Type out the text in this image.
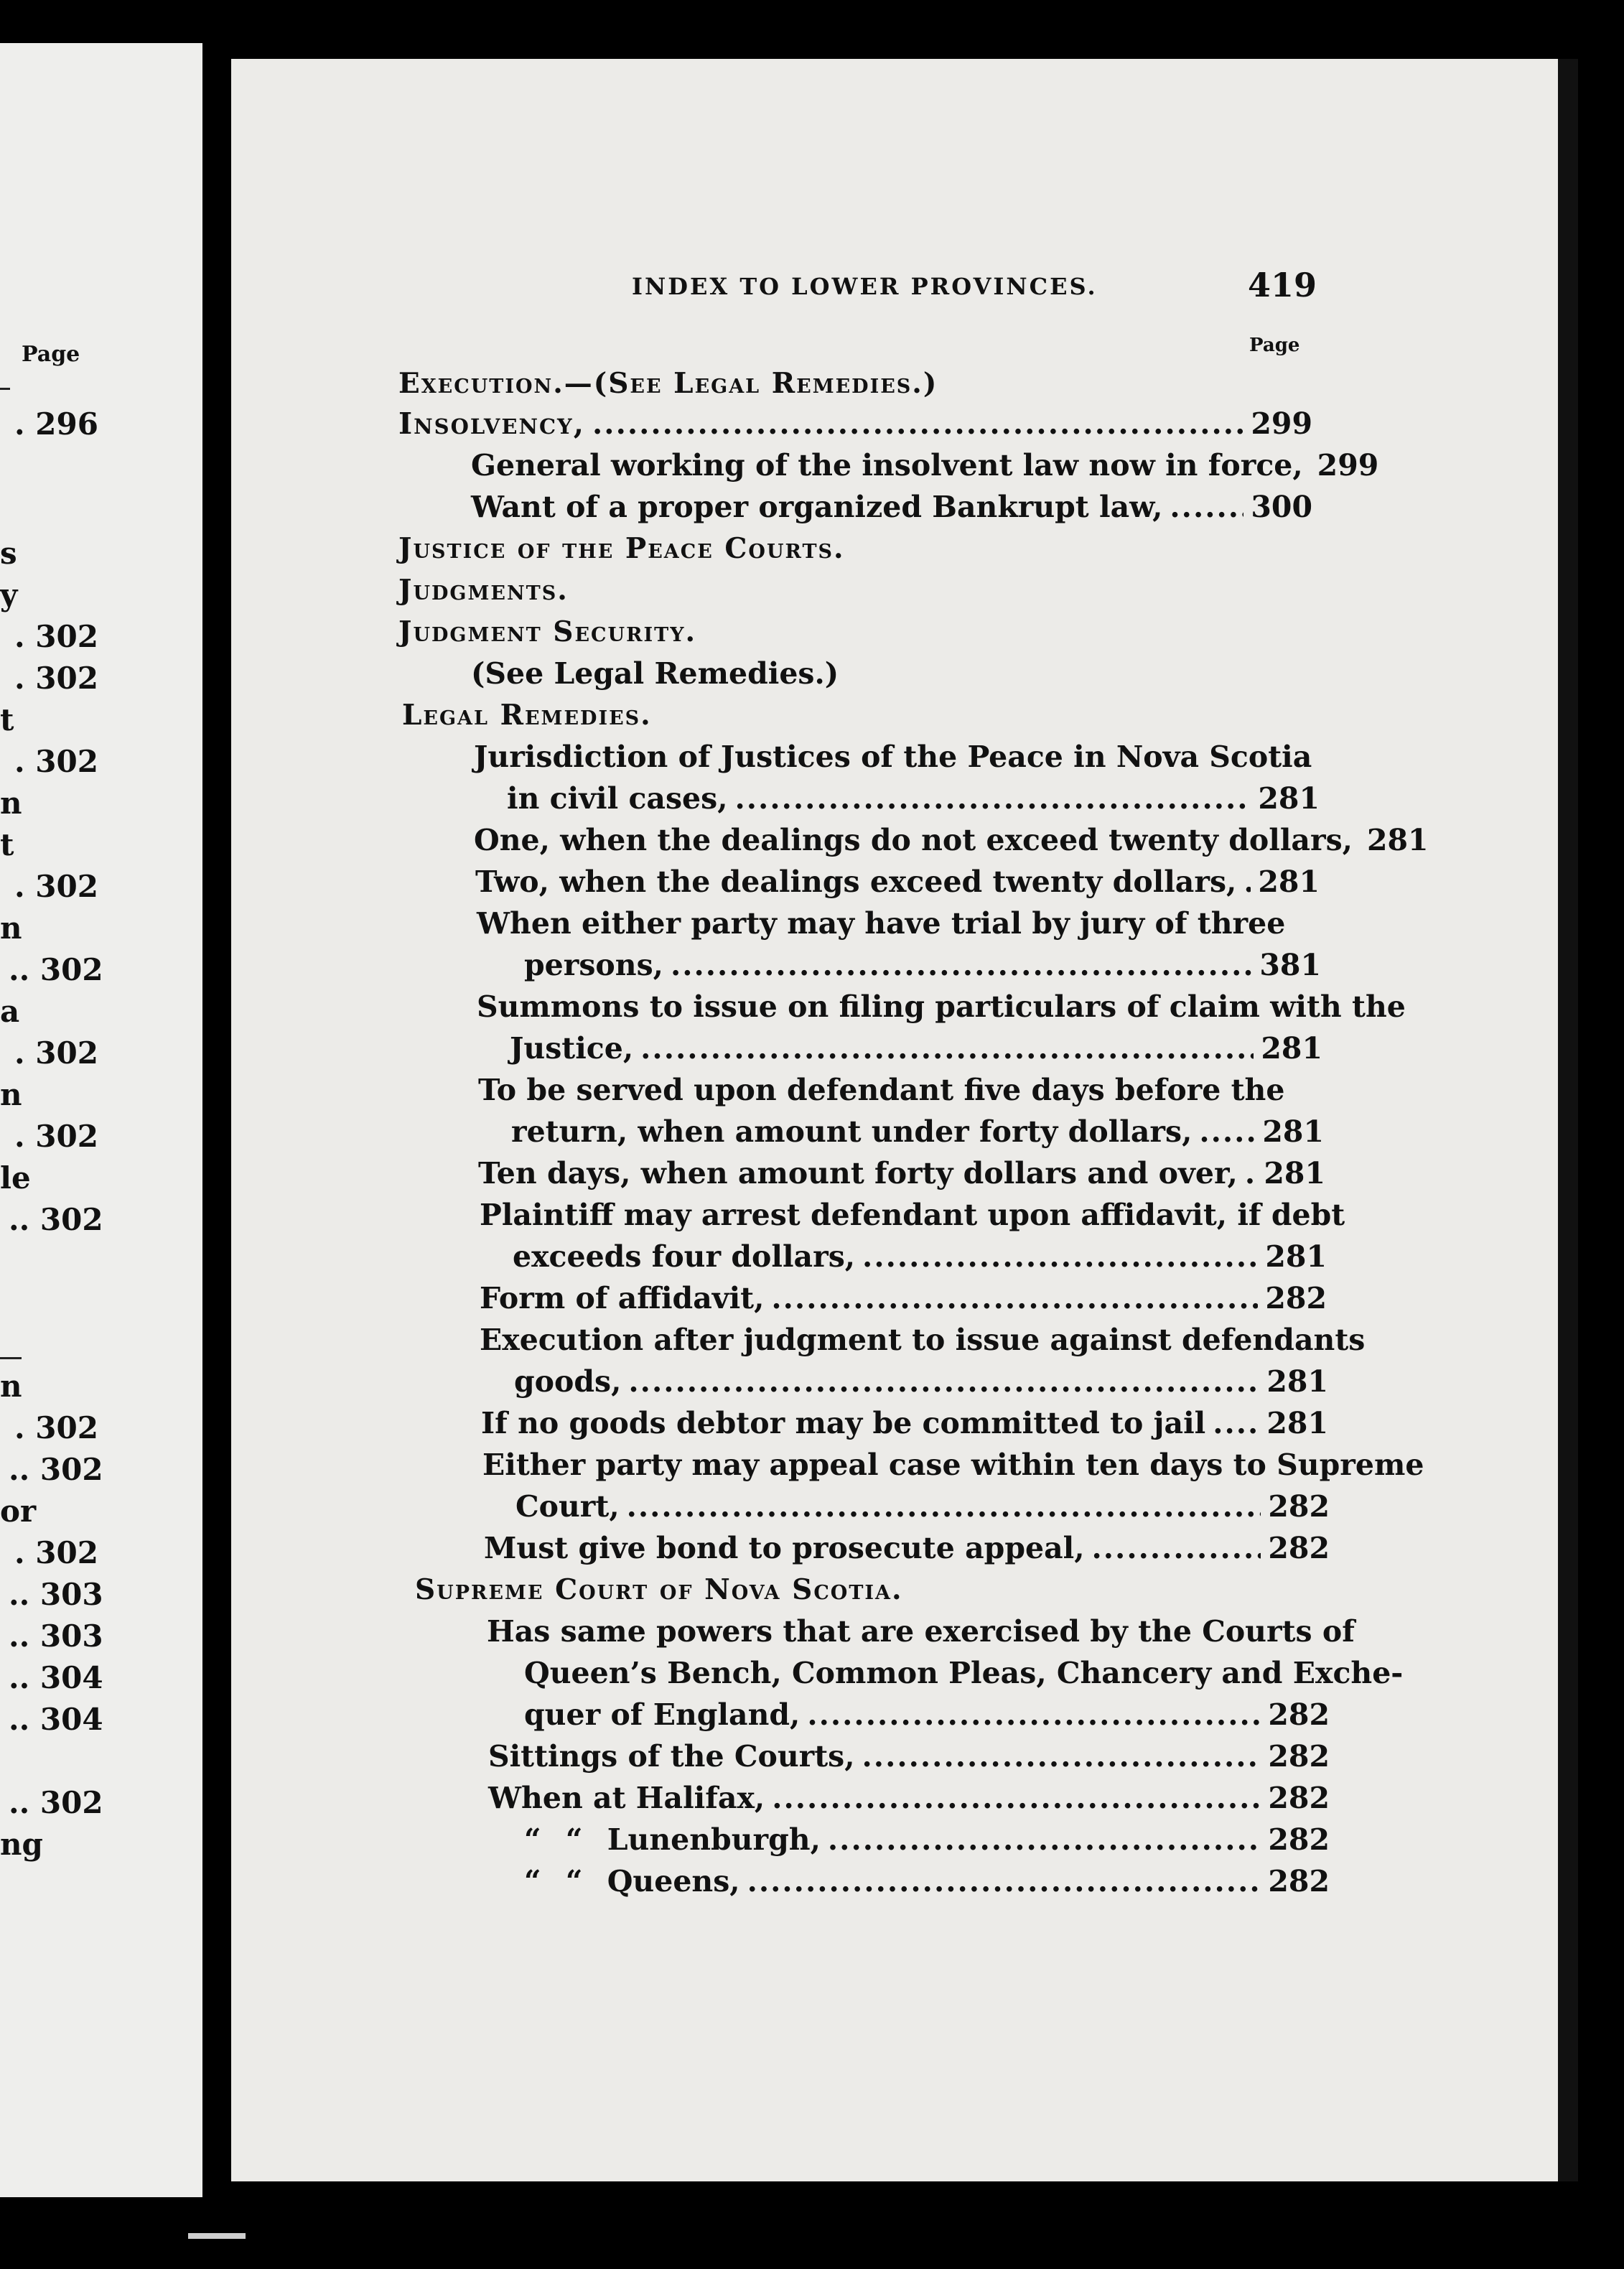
Page
. 296
s
y
. 302
. 302
t
. 302
n
t
. 302
n
.. 302
a
. 302
n
. 302
le
.. 302
n
. 302
.. 302
or
. 302
.. 303
.. 303
.. 304
.. 304
.. 302
ng
INDEX TO LOWER PROVINCES.	419
Page
Execution.—(See Legal Remedies.)
Insolvency, .....	299
General working of the insolvent law now in force, 299
Want of a proper organized Bankrupt law, .....	300
Justice of the Peace Courts.
Judgments.
Judgment Security.
(See Legal Remedies.)
Legal Remedies.
Jurisdiction of Justices of the Peace in Nova Scotia
in civil cases, .....	281
One, when the dealings do not exceed twenty dollars, 281
Two, when the dealings exceed twenty dollars, ..... 281
When either party may have trial by jury of three
persons, .....	381
Summons to issue on filing particulars of claim with the
Justice, .....	281
To be served upon defendant five days before the
return, when amount under forty dollars, ..... 281
Ten days, when amount forty dollars and over, ..... 281
Plaintiff may arrest defendant upon affidavit, if debt
exceeds four dollars, .....	281
Form of affidavit, .....	282
Execution after judgment to issue against defendants
goods, .....	281
If no goods debtor may be committed to jail ..... 281
Either party may appeal case within ten days to Supreme
Court, .....	282
Must give bond to prosecute appeal, .....	282
Supreme Court of Nova Scotia.
Has same powers that are exercised by the Courts of
Queen’s Bench, Common Pleas, Chancery and Exche-
quer of England, .....	282
Sittings of the Courts, .....	282
When at Halifax, .....	282
“ “ Lunenburgh, .....	282
“ “ Queens, .....	282
